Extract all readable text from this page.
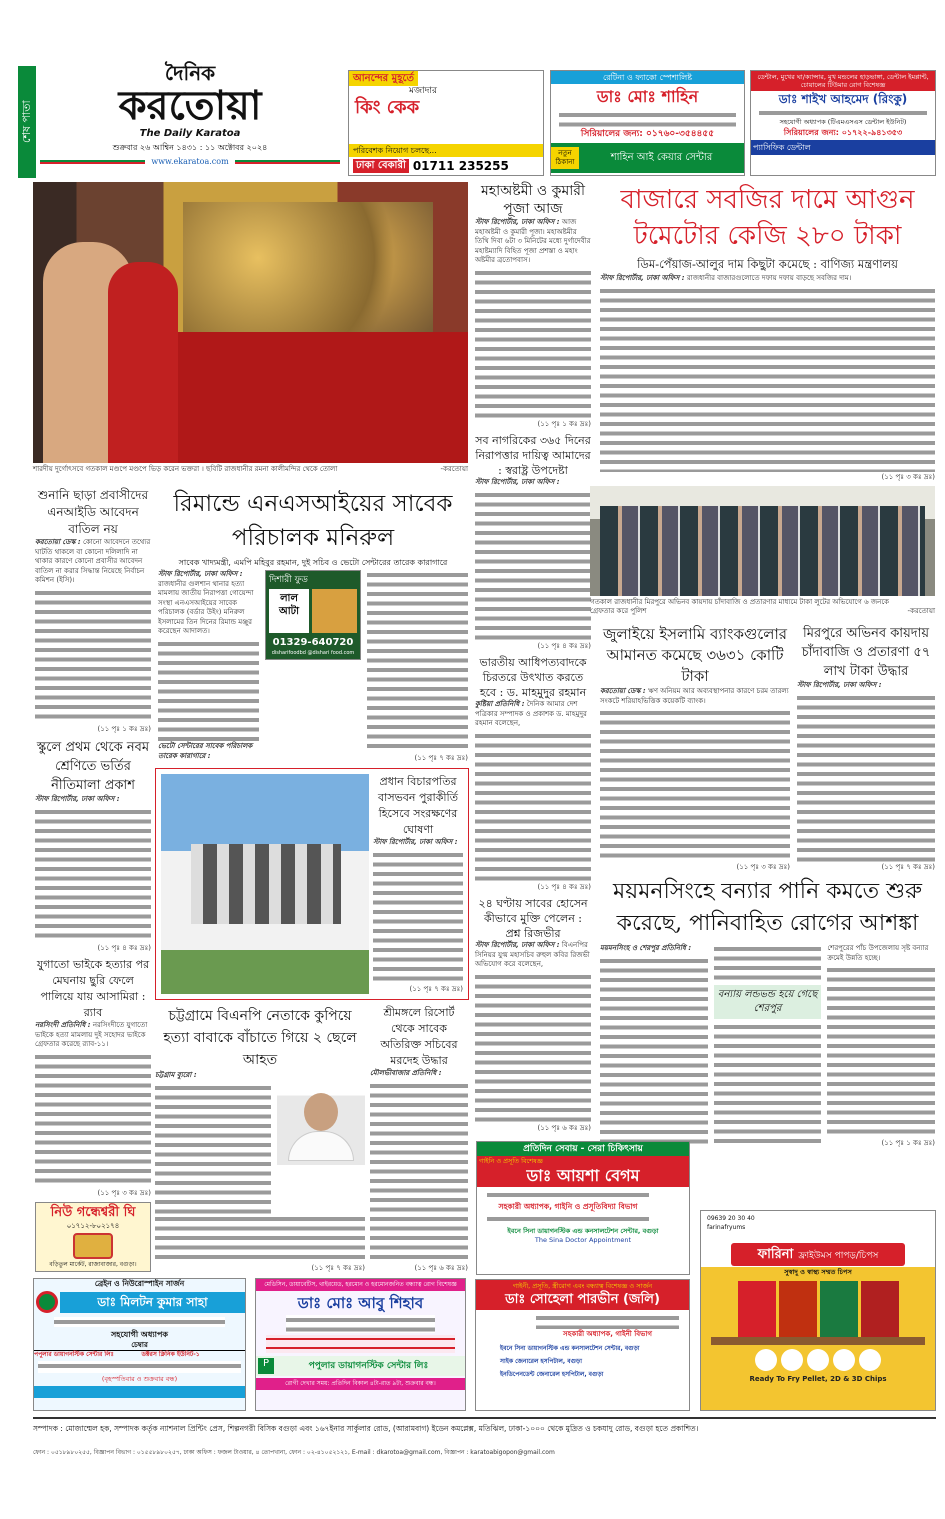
শেষ পাতা
দৈনিক
করতোয়া
The Daily Karatoa
শুক্রবার ২৬ আশ্বিন ১৪৩১ : ১১ অক্টোবর ২০২৪
www.ekaratoa.com
আনন্দের মুহূর্তে
মজাদার
কিং কেক
পরিবেশক নিয়োগ চলছে...
ঢাকা বেকারী 01711 235255
রেটিনা ও ফ্যাকো স্পেশালিষ্ট
ডাঃ মোঃ শাহিন
সিরিয়ালের জন্য: ০১৭৬০-৩৫৪৪৫৫
নতুন ঠিকানা	শাহিন আই কেয়ার সেন্টার
ডেন্টাল, মুখের ঘা/ক্যান্সার, মুখ মন্ডলের হাড়ভাঙ্গা, ডেন্টাল ইমপ্লান্ট, চোয়ালের টিউমার রোগ বিশেষজ্ঞ
ডাঃ শাইখ আহমেদ (রিংকু)
সহযোগী অধ্যাপক (টিএমএসএস ডেন্টাল ইউনিট)
সিরিয়ালের জন্য: ০১৭২২-৯৪১৩৫৩
প্যাসিফিক ডেন্টাল
শারদীয় দুর্গোৎসবে গতকাল মণ্ডপে মণ্ডপে ভিড় করেন ভক্তরা । ছবিটি রাজধানীর রমনা কালীমন্দির থেকে তোলা	-করতোয়া
মহাঅষ্টমী ও কুমারী পূজা আজ
স্টাফ রিপোর্টার, ঢাকা অফিস : আজ মহাঅষ্টমী ও কুমারী পূজা। মহাঅষ্টমীর তিথি দিবা ৬টা ৩ মিনিটের মধ্যে দুর্গাদেবীর মহাষ্টম্যাদি বিহিত পূজা প্রশস্তা ও মহাং অষ্টমীর ব্রতোপবাস।
(১১ পৃঃ ১ কঃ দ্রঃ)
সব নাগরিকের ৩৬৫ দিনের নিরাপত্তার দায়িত্ব আমাদের : স্বরাষ্ট্র উপদেষ্টা
স্টাফ রিপোর্টার, ঢাকা অফিস :
(১১ পৃঃ ৪ কঃ দ্রঃ)
ভারতীয় আধিপত্যবাদকে চিরতরে উৎখাত করতে হবে : ড. মাহমুদুর রহমান
কুষ্টিয়া প্রতিনিধি : দৈনিক আমার দেশ পত্রিকার সম্পাদক ও প্রকাশক ড. মাহমুদুর রহমান বলেছেন,
(১১ পৃঃ ৪ কঃ দ্রঃ)
২৪ ঘণ্টায় সাবের হোসেন কীভাবে মুক্তি পেলেন : প্রশ্ন রিজভীর
স্টাফ রিপোর্টার, ঢাকা অফিস : বিএনপির সিনিয়র যুগ্ম মহাসচিব রুহুল কবির রিজভী অভিযোগ করে বলেছেন,
(১১ পৃঃ ৬ কঃ দ্রঃ)
বাজারে সবজির দামে আগুন টমেটোর কেজি ২৮০ টাকা
ডিম-পেঁয়াজ-আলুর দাম কিছুটা কমেছে : বাণিজ্য মন্ত্রণালয়
স্টাফ রিপোর্টার, ঢাকা অফিস : রাজধানীর বাজারগুলোতে দফায় দফায় বাড়ছে সবজির দাম।
(১১ পৃঃ ৩ কঃ দ্রঃ)
গতকাল রাজধানীর মিরপুরে অভিনব কায়দায় চাঁদাবাজি ও প্রতারণার মাধ্যমে টাকা লুটের অভিযোগে ৬ জনকে গ্রেফতার করে পুলিশ	-করতোয়া
জুলাইয়ে ইসলামি ব্যাংকগুলোর আমানত কমেছে ৩৬৩১ কোটি টাকা
করতোয়া ডেস্ক : ঋণ অনিয়ম আর অব্যবস্থাপনার কারণে চরম তারল্য সংকটে শরিয়াহভিত্তিক কয়েকটি ব্যাংক।
(১১ পৃঃ ৩ কঃ দ্রঃ)
মিরপুরে অভিনব কায়দায় চাঁদাবাজি ও প্রতারণা ৫৭ লাখ টাকা উদ্ধার
স্টাফ রিপোর্টার, ঢাকা অফিস :
(১১ পৃঃ ৭ কঃ দ্রঃ)
ময়মনসিংহে বন্যার পানি কমতে শুরু করেছে, পানিবাহিত রোগের আশঙ্কা
ময়মনসিংহ ও শেরপুর প্রতিনিধি :
বন্যায় লন্ডভন্ড হয়ে গেছে শেরপুর
শেরপুরের পাঁচ উপজেলায় সৃষ্ট বন্যার ক্রমেই উন্নতি হচ্ছে।
(১১ পৃঃ ১ কঃ দ্রঃ)
শুনানি ছাড়া প্রবাসীদের এনআইডি আবেদন বাতিল নয়
করতোয়া ডেস্ক : কোনো আবেদনে তথ্যের ঘাটতি থাকলে বা কোনো দলিলাদি না থাকার কারণে কোনো প্রবাসীর আবেদন বাতিল না করার সিদ্ধান্ত নিয়েছে নির্বাচন কমিশন (ইসি)।
(১১ পৃঃ ১ কঃ দ্রঃ)
স্কুলে প্রথম থেকে নবম শ্রেণিতে ভর্তির নীতিমালা প্রকাশ
স্টাফ রিপোর্টার, ঢাকা অফিস :
(১১ পৃঃ ৪ কঃ দ্রঃ)
যুগাতো ভাইকে হত্যার পর মেঘনায় ছুরি ফেলে পালিয়ে যায় আসামিরা : র‌্যাব
নরসিংদী প্রতিনিধি : নরসিংদীতে যুগাতো ভাইকে হত্যা মামলায় দুই সহোদর ভাইকে গ্রেফতার করেছে র‌্যাব-১১।
(১১ পৃঃ ৩ কঃ দ্রঃ)
নিউ গন্ধেশ্বরী ঘি
০১৭১২-৮০২১৭৪
বড়িতুল মার্কেট, রাজাবাজার, বগুড়া।
রিমান্ডে এনএসআইয়ের সাবেক পরিচালক মনিরুল
সাবেক খাদ্যমন্ত্রী, এমপি মহিবুর রহমান, দুই সচিব ও ভেটো সেন্টারের তারেক কারাগারে
স্টাফ রিপোর্টার, ঢাকা অফিস : রাজধানীর গুলশান থানার হত্যা মামলায় জাতীয় নিরাপত্তা গোয়েন্দা সংস্থা এনএসআইয়ের সাবেক পরিচালক (বর্ডার উইং) মনিরুল ইসলামের তিন দিনের রিমান্ড মঞ্জুর করেছেন আদালত।
ভেটো সেন্টারের সাবেক পরিচালক তারেক কারাগারে :
দিশারী ফুড
লাল আটা
01329-640720
disharifoodbd @dishari food.com
(১১ পৃঃ ৭ কঃ দ্রঃ)
প্রধান বিচারপতির বাসভবন পুরাকীর্তি হিসেবে সংরক্ষণের ঘোষণা
স্টাফ রিপোর্টার, ঢাকা অফিস :
(১১ পৃঃ ৭ কঃ দ্রঃ)
চট্টগ্রামে বিএনপি নেতাকে কুপিয়ে হত্যা বাবাকে বাঁচাতে গিয়ে ২ ছেলে আহত
চট্টগ্রাম ব্যুরো :
(১১ পৃঃ ৭ কঃ দ্রঃ)
শ্রীমঙ্গলে রিসোর্ট থেকে সাবেক অতিরিক্ত সচিবের মরদেহ উদ্ধার
মৌলভীবাজার প্রতিনিধি :
(১১ পৃঃ ৬ কঃ দ্রঃ)
প্রতিদিন সেবায় - সেরা চিকিৎসায়
গাইনি ও প্রসূতি বিশেষজ্ঞ
ডাঃ আয়শা বেগম
সহকারী অধ্যাপক, গাইনি ও প্রসূতিবিদ্যা বিভাগ
ইবনে সিনা ডায়াগনস্টিক এন্ড কনসালটেশন সেন্টার, বগুড়া
The Sina Doctor Appointment
ব্রেইন ও নিউরোস্পাইন সার্জন
ডাঃ মিলটন কুমার সাহা
সহযোগী অধ্যাপক
চেম্বার
পপুলার ডায়াগনস্টিক সেন্টার লিঃ	ডক্টরস ক্লিনিক ইউনিট-১
(বৃহস্পতিবার ও শুক্রবার বন্ধ)
মেডিসিন, ডায়াবেটিস, থাইরয়েড, হরমোন ও হরমোনজনিত বন্ধ্যাত্ব রোগ বিশেষজ্ঞ
ডাঃ মোঃ আবু শিহাব
P	পপুলার ডায়াগনস্টিক সেন্টার লিঃ
রোগী দেখার সময়: প্রতিদিন বিকাল ৪টা-রাত ৯টা, শুক্রবার বন্ধ।
গাইনী, প্রসূতি, স্ত্রীরোগ এবং বন্ধ্যাত্ব বিশেষজ্ঞ ও সার্জন
ডাঃ সোহেলা পারভীন (জলি)
সহকারী অধ্যাপক, গাইনী বিভাগ
ইবনে সিনা ডায়াগনস্টিক এন্ড কনসালটেশন সেন্টার, বগুড়া
সাইক জেনারেল হসপিটাল, বগুড়া
ইনডিপেনডেন্ট জেনারেল হসপিটাল, বগুড়া
09639 20 30 40
farinafryums
ফারিনা ফ্রাইউমস পাপড়/চিপস
সুস্বাদু ও স্বাস্থ্য সম্মত চিপস
Ready To Fry Pellet, 2D & 3D Chips
সম্পাদক : মোজাম্মেল হক, সম্পাদক কর্তৃক ন্যাশনাল প্রিন্টিং প্রেস, শিল্পনগরী বিসিক বগুড়া এবং ১৬৭ইনার সার্কুলার রোড, (আরামবাগ) ইডেন কমপ্লেক্স, মতিঝিল, ঢাকা-১০০০ থেকে মুদ্রিত ও চকযাদু রোড, বগুড়া হতে প্রকাশিত।
ফোন : ০৫১৮৯৮০২৫৫, বিজ্ঞাপন বিভাগ : ০১৫৫৮৯৮০২৫৭, ঢাকা অফিস : ফজল টাওয়ার, ৪ তোপখানা, ফোন : ০২-৪১০৫২১২১, E-mail : dkarotoa@gmail.com, বিজ্ঞাপন : karatoabigopon@gmail.com
